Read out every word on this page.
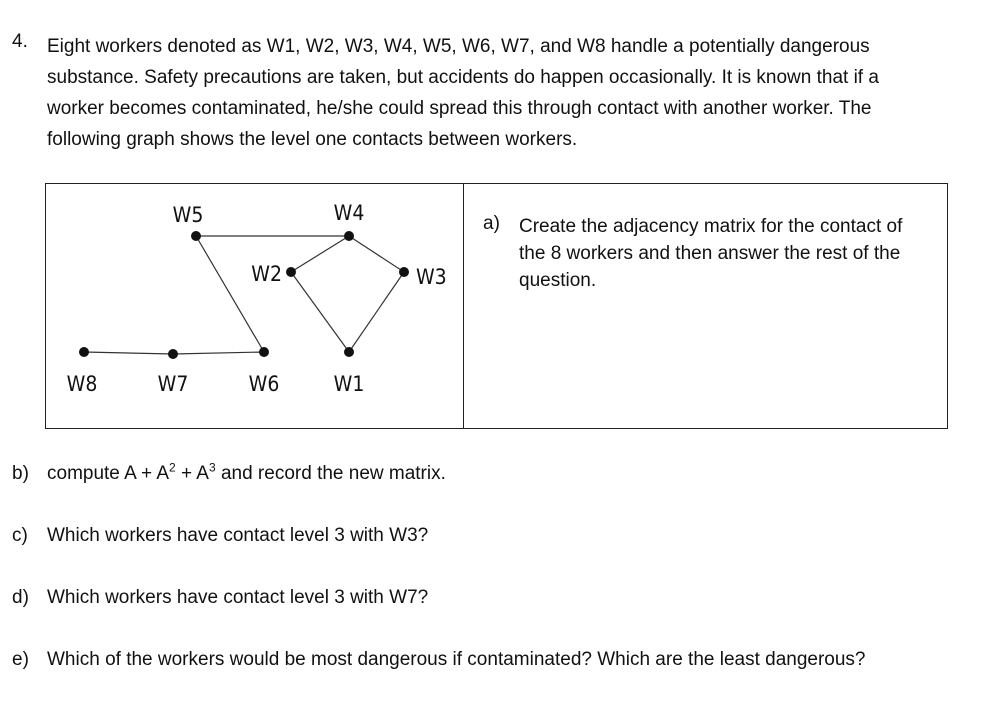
4. Eight workers denoted as W1, W2, W3, W4, W5, W6, W7, and W8 handle a potentially dangerous
substance. Safety precautions are taken, but accidents do happen occasionally. It is known that if a
worker becomes contaminated, he/she could spread this through contact with another worker. The
following graph shows the level one contacts between workers.
W1
W2	W3
W4
W5
W6
W7
W8
a) Create the adjacency matrix for the contact of
the 8 workers and then answer the rest of the
question.
b) compute $A + A^2 + A^3$ and record the new matrix.
c) Which workers have contact level 3 with W3?
d) Which workers have contact level 3 with W7?
e) Which of the workers would be most dangerous if contaminated? Which are the least dangerous?
